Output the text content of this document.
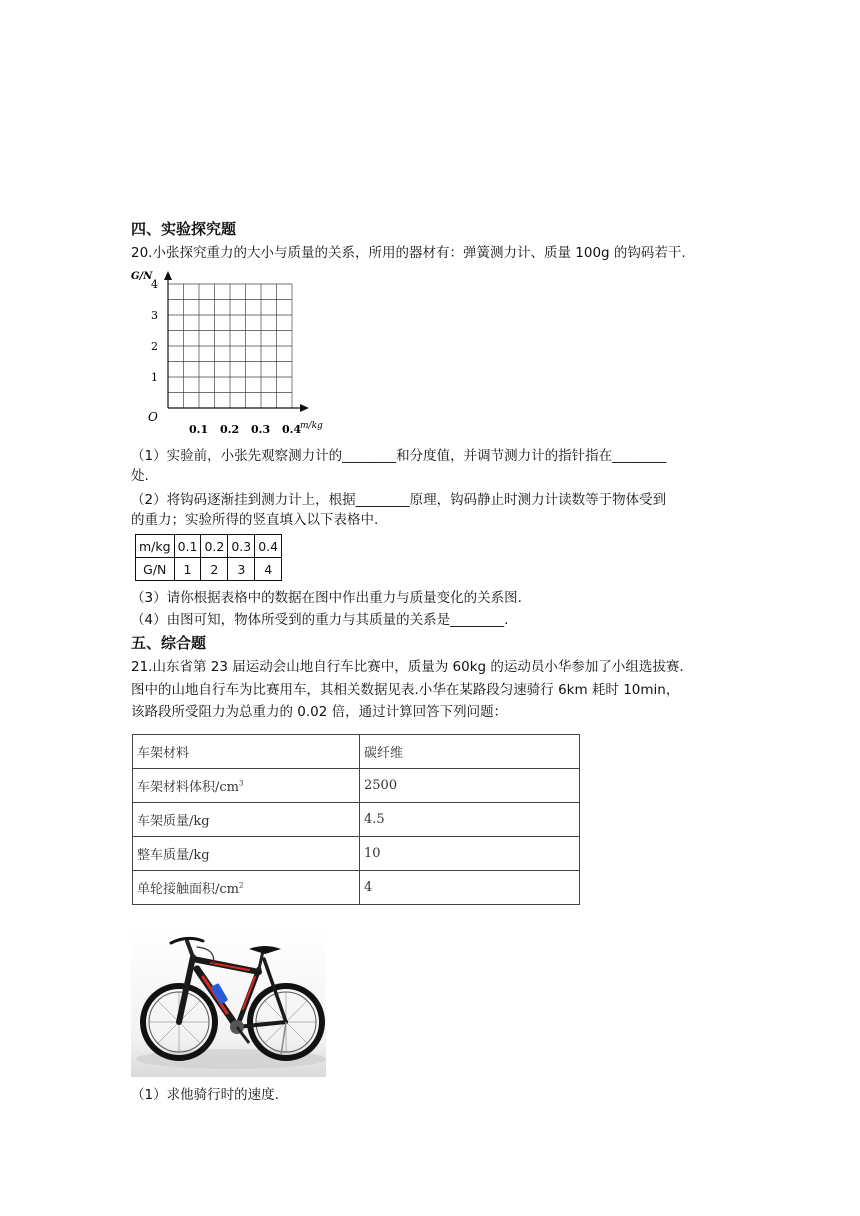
四、实验探究题
20.小张探究重力的大小与质量的关系，所用的器材有：弹簧测力计、质量 100g 的钩码若干.
G/N
m/kg
O
1
2
3
4
0.1 0.2 0.3 0.4
（1）实验前，小张先观察测力计的________和分度值，并调节测力计的指针指在________
处.
（2）将钩码逐渐挂到测力计上，根据________原理，钩码静止时测力计读数等于物体受到
的重力；实验所得的竖直填入以下表格中.
m/kg	0.1	0.2	0.3	0.4
G/N	1	2	3	4
（3）请你根据表格中的数据在图中作出重力与质量变化的关系图.
（4）由图可知，物体所受到的重力与其质量的关系是________.
五、综合题
21.山东省第 23 届运动会山地自行车比赛中，质量为 60kg 的运动员小华参加了小组选拔赛.
图中的山地自行车为比赛用车，其相关数据见表.小华在某路段匀速骑行 6km 耗时 10min，
该路段所受阻力为总重力的 0.02 倍，通过计算回答下列问题：
车架材料	碳纤维
车架材料体积$/cm^3$	2500
车架质量/kg	4.5
整车质量/kg	10
单轮接触面积$/cm^2$	4
（1）求他骑行时的速度.
